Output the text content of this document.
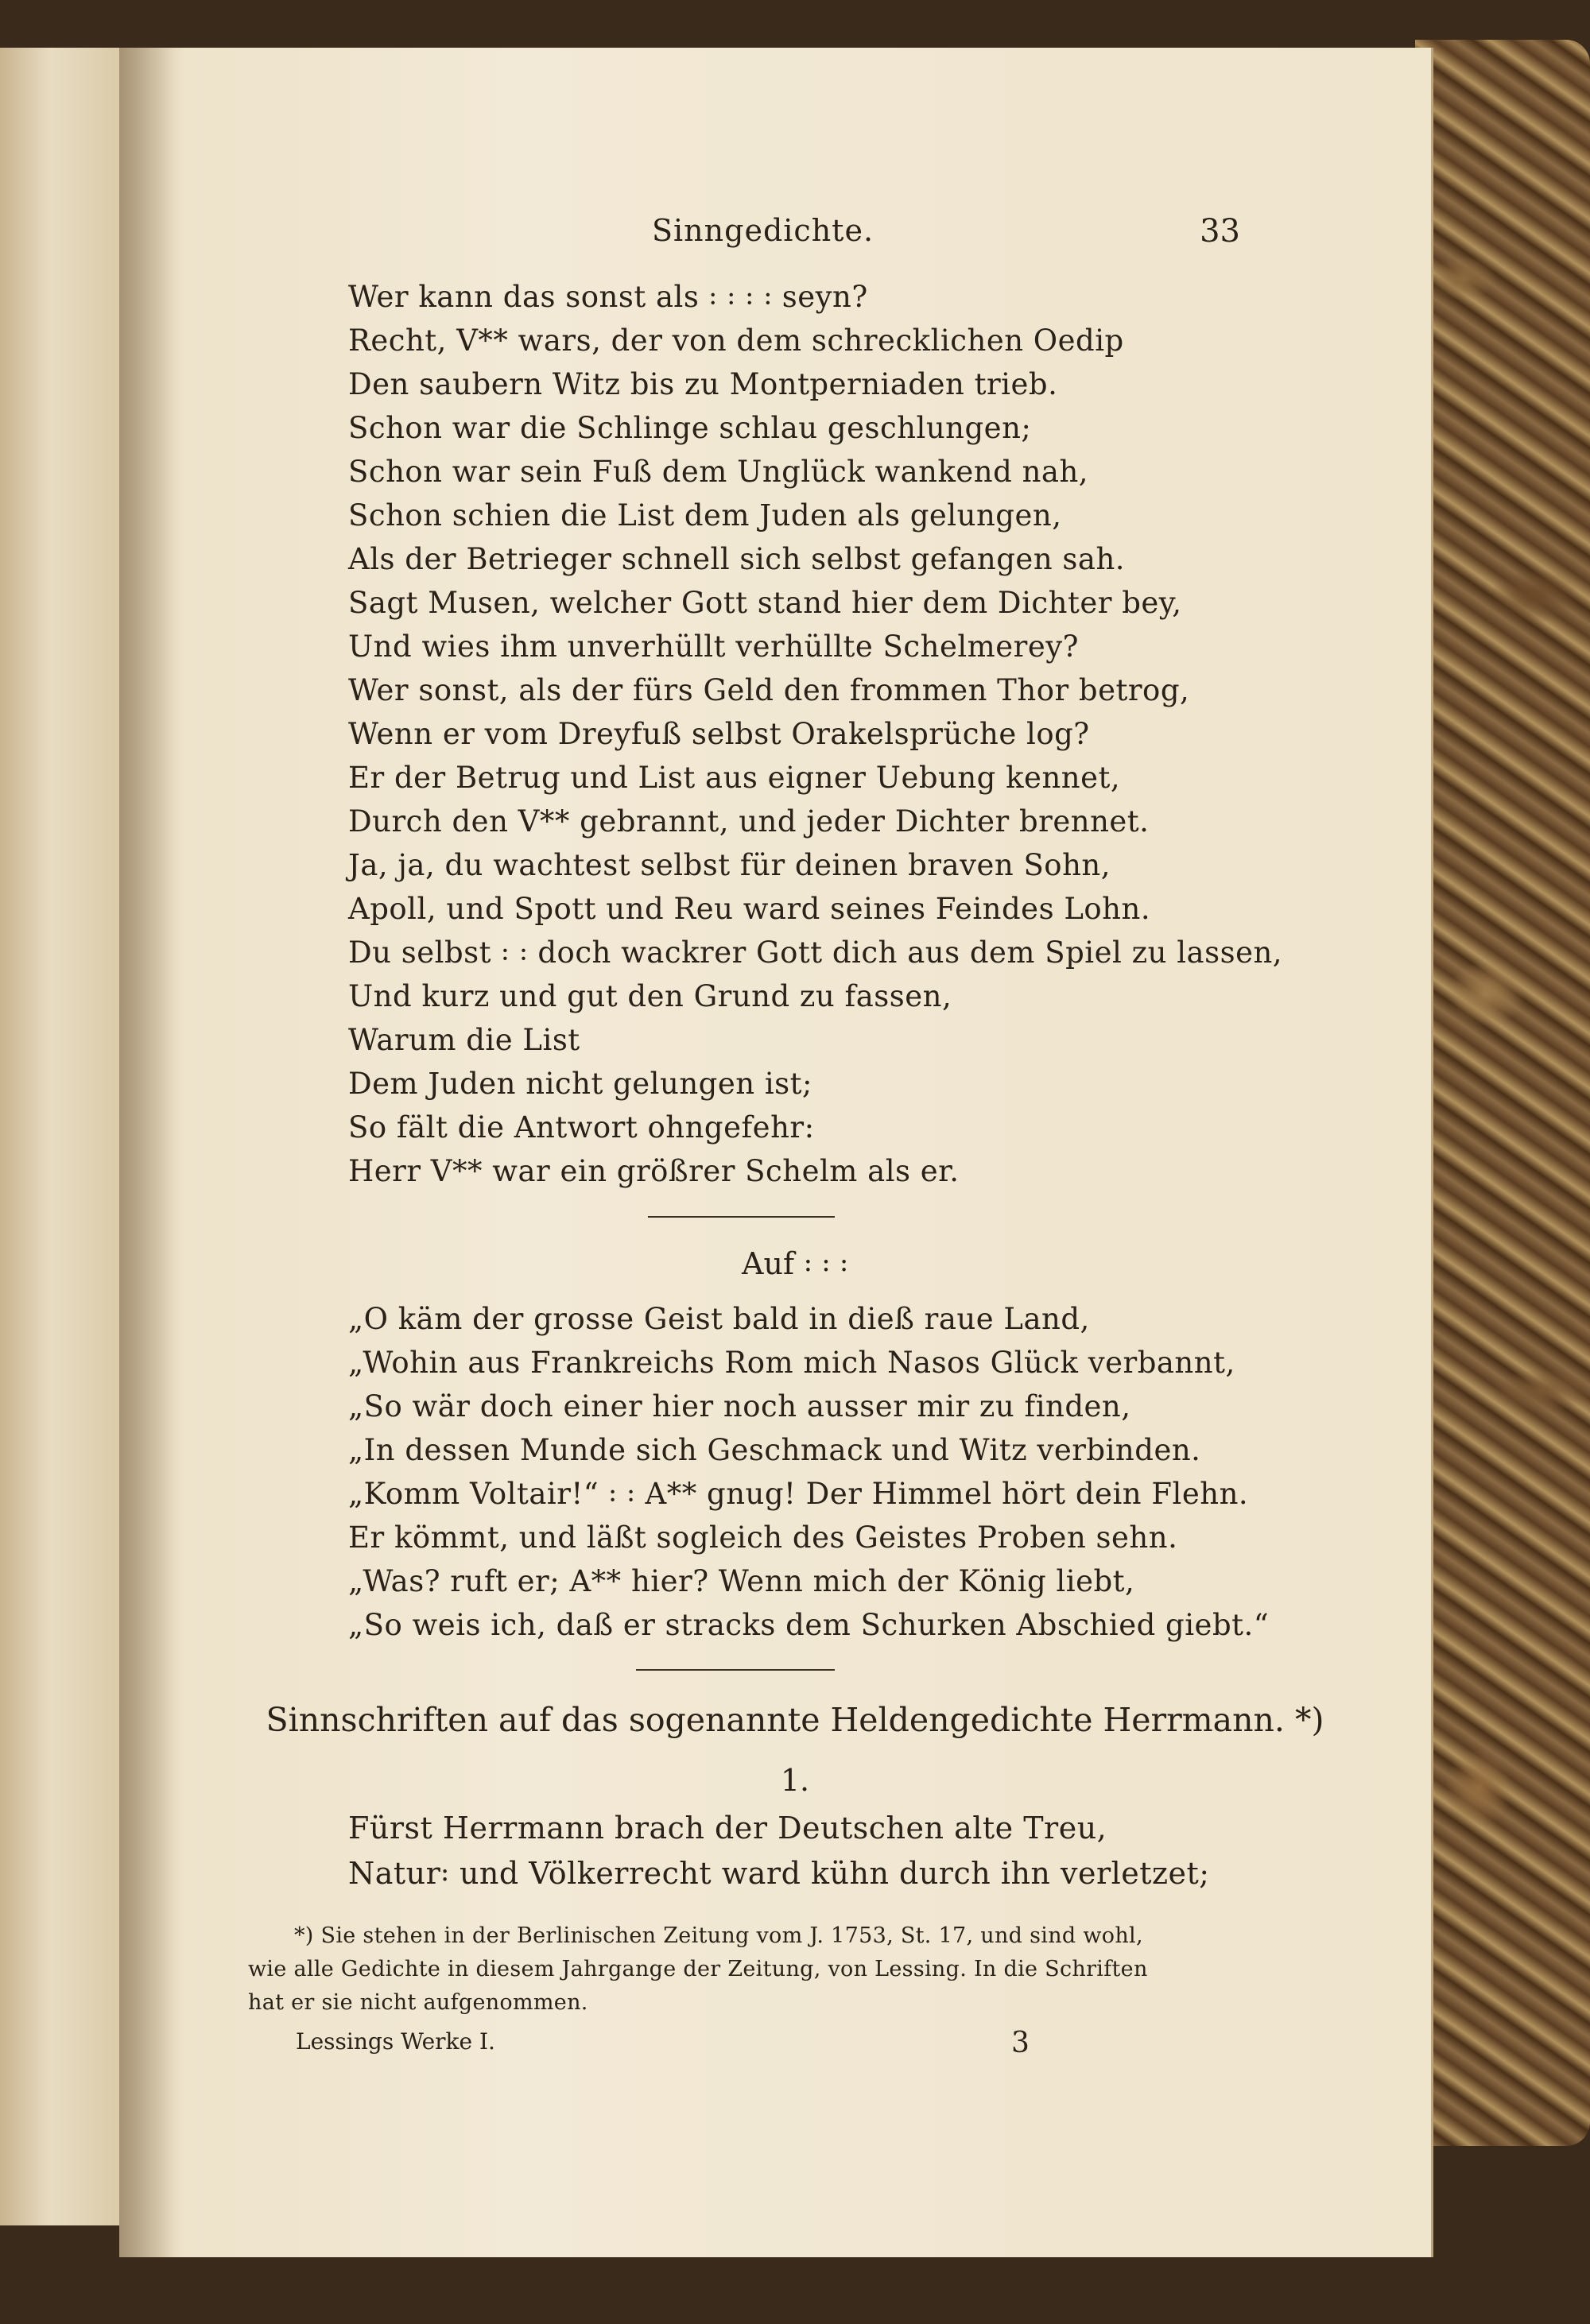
Sinngedichte.	33
Wer kann das sonst als ꞉ ꞉ ꞉ ꞉ seyn?
Recht, V** wars, der von dem schrecklichen Oedip
Den saubern Witz bis zu Montperniaden trieb.
Schon war die Schlinge schlau geschlungen;
Schon war sein Fuß dem Unglück wankend nah,
Schon schien die List dem Juden als gelungen,
Als der Betrieger schnell sich selbst gefangen sah.
Sagt Musen, welcher Gott stand hier dem Dichter bey,
Und wies ihm unverhüllt verhüllte Schelmerey?
Wer sonst, als der fürs Geld den frommen Thor betrog,
Wenn er vom Dreyfuß selbst Orakelsprüche log?
Er der Betrug und List aus eigner Uebung kennet,
Durch den V** gebrannt, und jeder Dichter brennet.
Ja, ja, du wachtest selbst für deinen braven Sohn,
Apoll, und Spott und Reu ward seines Feindes Lohn.
Du selbst ꞉ ꞉ doch wackrer Gott dich aus dem Spiel zu lassen,
Und kurz und gut den Grund zu fassen,
Warum die List
Dem Juden nicht gelungen ist;
So fält die Antwort ohngefehr:
Herr V** war ein größrer Schelm als er.
Auf ꞉ ꞉ ꞉
„O käm der grosse Geist bald in dieß raue Land,
„Wohin aus Frankreichs Rom mich Nasos Glück verbannt,
„So wär doch einer hier noch ausser mir zu finden,
„In dessen Munde sich Geschmack und Witz verbinden.
„Komm Voltair!“ ꞉ ꞉ A** gnug! Der Himmel hört dein Flehn.
Er kömmt, und läßt sogleich des Geistes Proben sehn.
„Was? ruft er; A** hier? Wenn mich der König liebt,
„So weis ich, daß er stracks dem Schurken Abschied giebt.“
Sinnschriften auf das sogenannte Heldengedichte Herrmann. *)
1.
Fürst Herrmann brach der Deutschen alte Treu,
Natur꞉ und Völkerrecht ward kühn durch ihn verletzet;
*) Sie stehen in der Berlinischen Zeitung vom J. 1753, St. 17, und sind wohl,
wie alle Gedichte in diesem Jahrgange der Zeitung, von Lessing. In die Schriften
hat er sie nicht aufgenommen.
Lessings Werke I.	3
